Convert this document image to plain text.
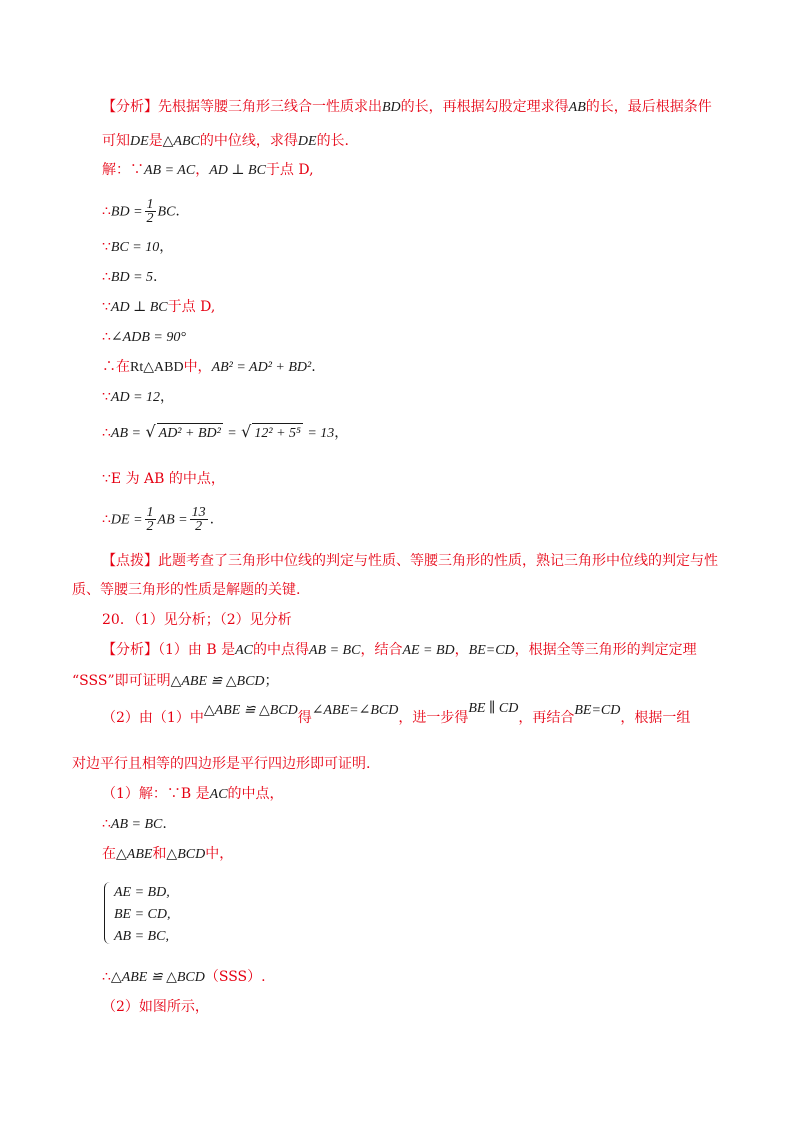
【分析】先根据等腰三角形三线合一性质求出BD的长，再根据勾股定理求得AB的长，最后根据条件
可知DE是△ABC的中位线，求得DE的长.
解：∵AB = AC，AD ⊥ BC于点 D,
∴BD = $\frac{1}{2}$ BC.
∵BC = 10，
∴BD = 5.
∵AD ⊥ BC于点 D,
∴∠ADB = 90°
∴在Rt△ABD中，AB² = AD² + BD².
∵AD = 12，
∴AB = √ AD² + BD² = √ 12² + 5⁵ = 13，
∵E 为 AB 的中点，
∴DE = $\frac{1}{2}$ AB = $\frac{13}{2}$ .
【点拨】此题考查了三角形中位线的判定与性质、等腰三角形的性质，熟记三角形中位线的判定与性
质、等腰三角形的性质是解题的关键.
20．（1）见分析；（2）见分析
【分析】（1）由 B 是AC的中点得AB = BC，结合AE = BD，BE=CD，根据全等三角形的判定定理
“SSS”即可证明△ABE ≌ △BCD；
（2）由（1）中△ABE ≌ △BCD得∠ABE=∠BCD，进一步得BE ∥ CD，再结合BE=CD，根据一组
对边平行且相等的四边形是平行四边形即可证明.
（1）解：∵B 是AC的中点，
∴AB = BC.
在△ABE和△BCD中，
AE = BD,
BE = CD,
AB = BC,
∴△ABE ≌ △BCD（SSS）.
（2）如图所示，
